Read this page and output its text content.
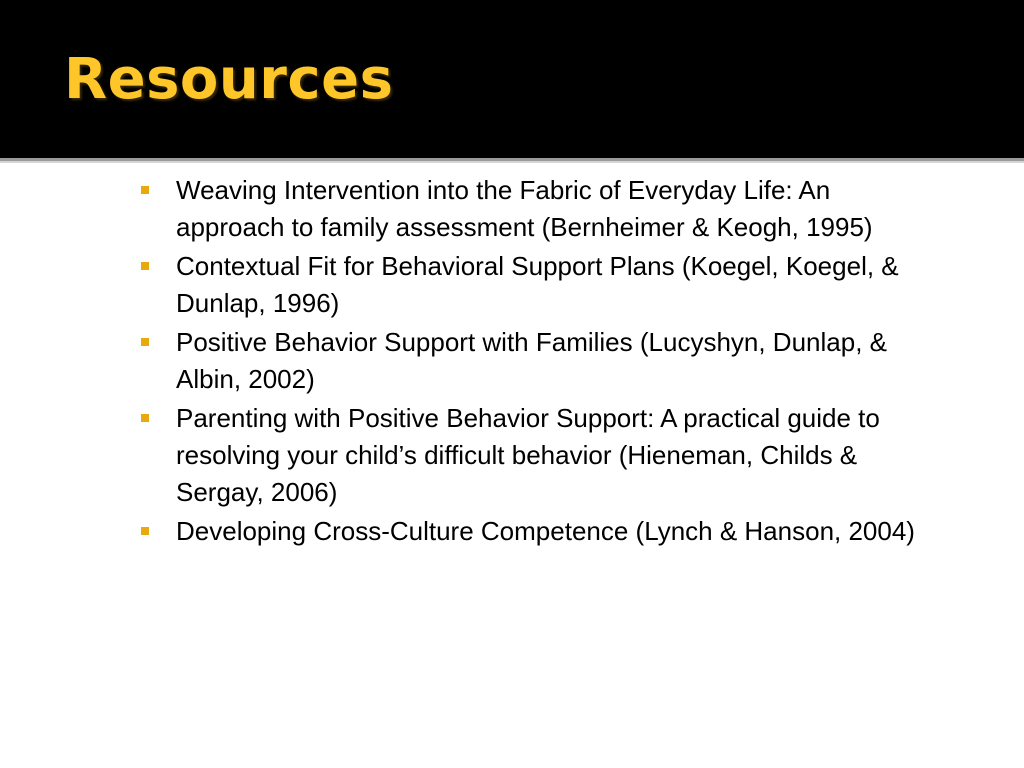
Resources
Weaving Intervention into the Fabric of Everyday Life: An approach to family assessment (Bernheimer & Keogh, 1995)
Contextual Fit for Behavioral Support Plans (Koegel, Koegel, & Dunlap, 1996)
Positive Behavior Support with Families (Lucyshyn, Dunlap, & Albin, 2002)
Parenting with Positive Behavior Support: A practical guide to resolving your child’s difficult behavior (Hieneman, Childs & Sergay, 2006)
Developing Cross-Culture Competence (Lynch & Hanson, 2004)
